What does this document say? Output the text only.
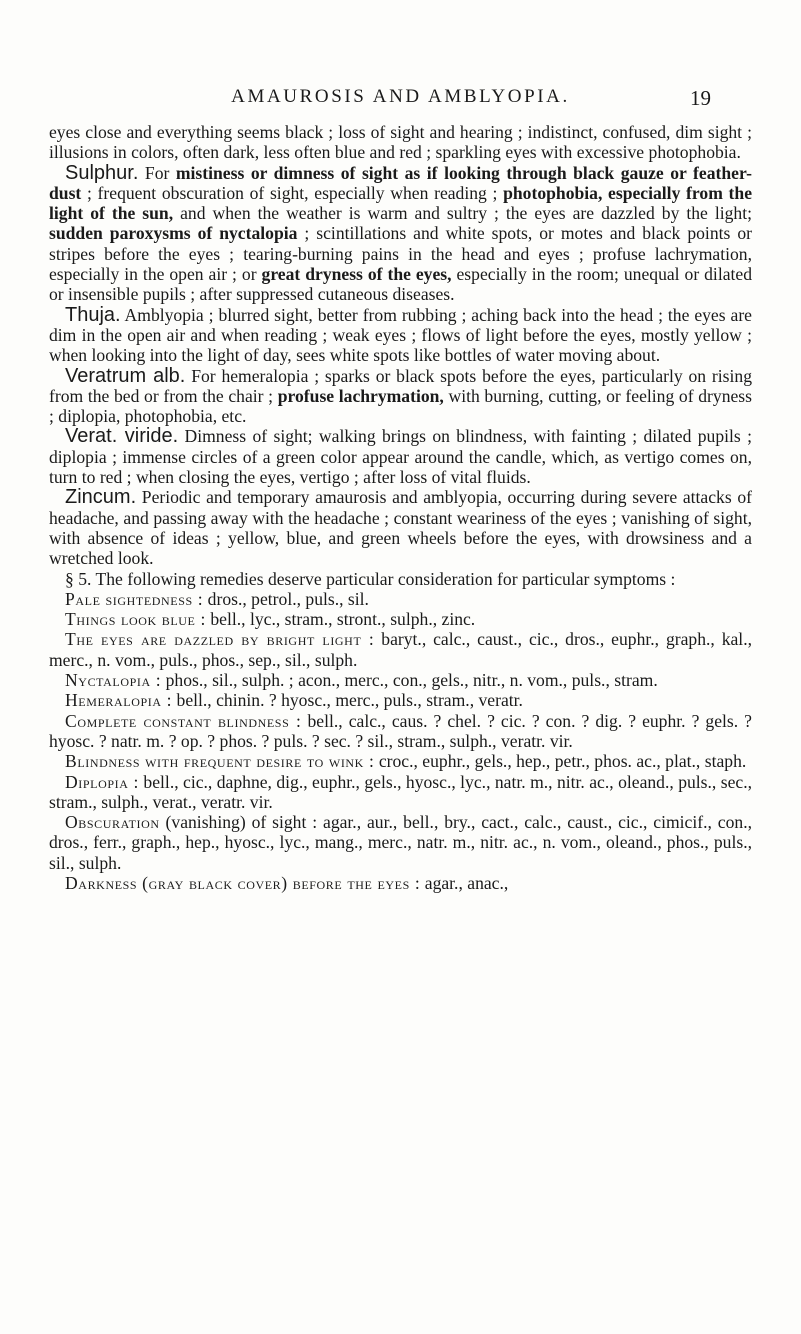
AMAUROSIS AND AMBLYOPIA.	19

eyes close and everything seems black ; loss of sight and hearing ; indistinct, confused, dim sight ; illusions in colors, often dark, less often blue and red ; sparkling eyes with excessive photophobia.

Sulphur. For mistiness or dimness of sight as if looking through black gauze or feather-dust ; frequent obscuration of sight, especially when reading ; photophobia, especially from the light of the sun, and when the weather is warm and sultry ; the eyes are dazzled by the light; sudden paroxysms of nyctalopia ; scintillations and white spots, or motes and black points or stripes before the eyes ; tearing-burning pains in the head and eyes ; profuse lachrymation, especially in the open air ; or great dryness of the eyes, especially in the room; unequal or dilated or insensible pupils ; after suppressed cutaneous diseases.

Thuja. Amblyopia ; blurred sight, better from rubbing ; aching back into the head ; the eyes are dim in the open air and when reading ; weak eyes ; flows of light before the eyes, mostly yellow ; when looking into the light of day, sees white spots like bottles of water moving about.

Veratrum alb. For hemeralopia ; sparks or black spots before the eyes, particularly on rising from the bed or from the chair ; profuse lachrymation, with burning, cutting, or feeling of dryness ; diplopia, photophobia, etc.

Verat. viride. Dimness of sight; walking brings on blindness, with fainting ; dilated pupils ; diplopia ; immense circles of a green color appear around the candle, which, as vertigo comes on, turn to red ; when closing the eyes, vertigo ; after loss of vital fluids.

Zincum. Periodic and temporary amaurosis and amblyopia, occurring during severe attacks of headache, and passing away with the headache ; constant weariness of the eyes ; vanishing of sight, with absence of ideas ; yellow, blue, and green wheels before the eyes, with drowsiness and a wretched look.

§ 5. The following remedies deserve particular consideration for particular symptoms :

Pale sightedness : dros., petrol., puls., sil.

Things look blue : bell., lyc., stram., stront., sulph., zinc.

The eyes are dazzled by bright light : baryt., calc., caust., cic., dros., euphr., graph., kal., merc., n. vom., puls., phos., sep., sil., sulph.

Nyctalopia : phos., sil., sulph. ; acon., merc., con., gels., nitr., n. vom., puls., stram.

Hemeralopia : bell., chinin. ? hyosc., merc., puls., stram., veratr.

Complete constant blindness : bell., calc., caus. ? chel. ? cic. ? con. ? dig. ? euphr. ? gels. ? hyosc. ? natr. m. ? op. ? phos. ? puls. ? sec. ? sil., stram., sulph., veratr. vir.

Blindness with frequent desire to wink : croc., euphr., gels., hep., petr., phos. ac., plat., staph.

Diplopia : bell., cic., daphne, dig., euphr., gels., hyosc., lyc., natr. m., nitr. ac., oleand., puls., sec., stram., sulph., verat., veratr. vir.

Obscuration (vanishing) of sight : agar., aur., bell., bry., cact., calc., caust., cic., cimicif., con., dros., ferr., graph., hep., hyosc., lyc., mang., merc., natr. m., nitr. ac., n. vom., oleand., phos., puls., sil., sulph.

Darkness (gray black cover) before the eyes : agar., anac.,
